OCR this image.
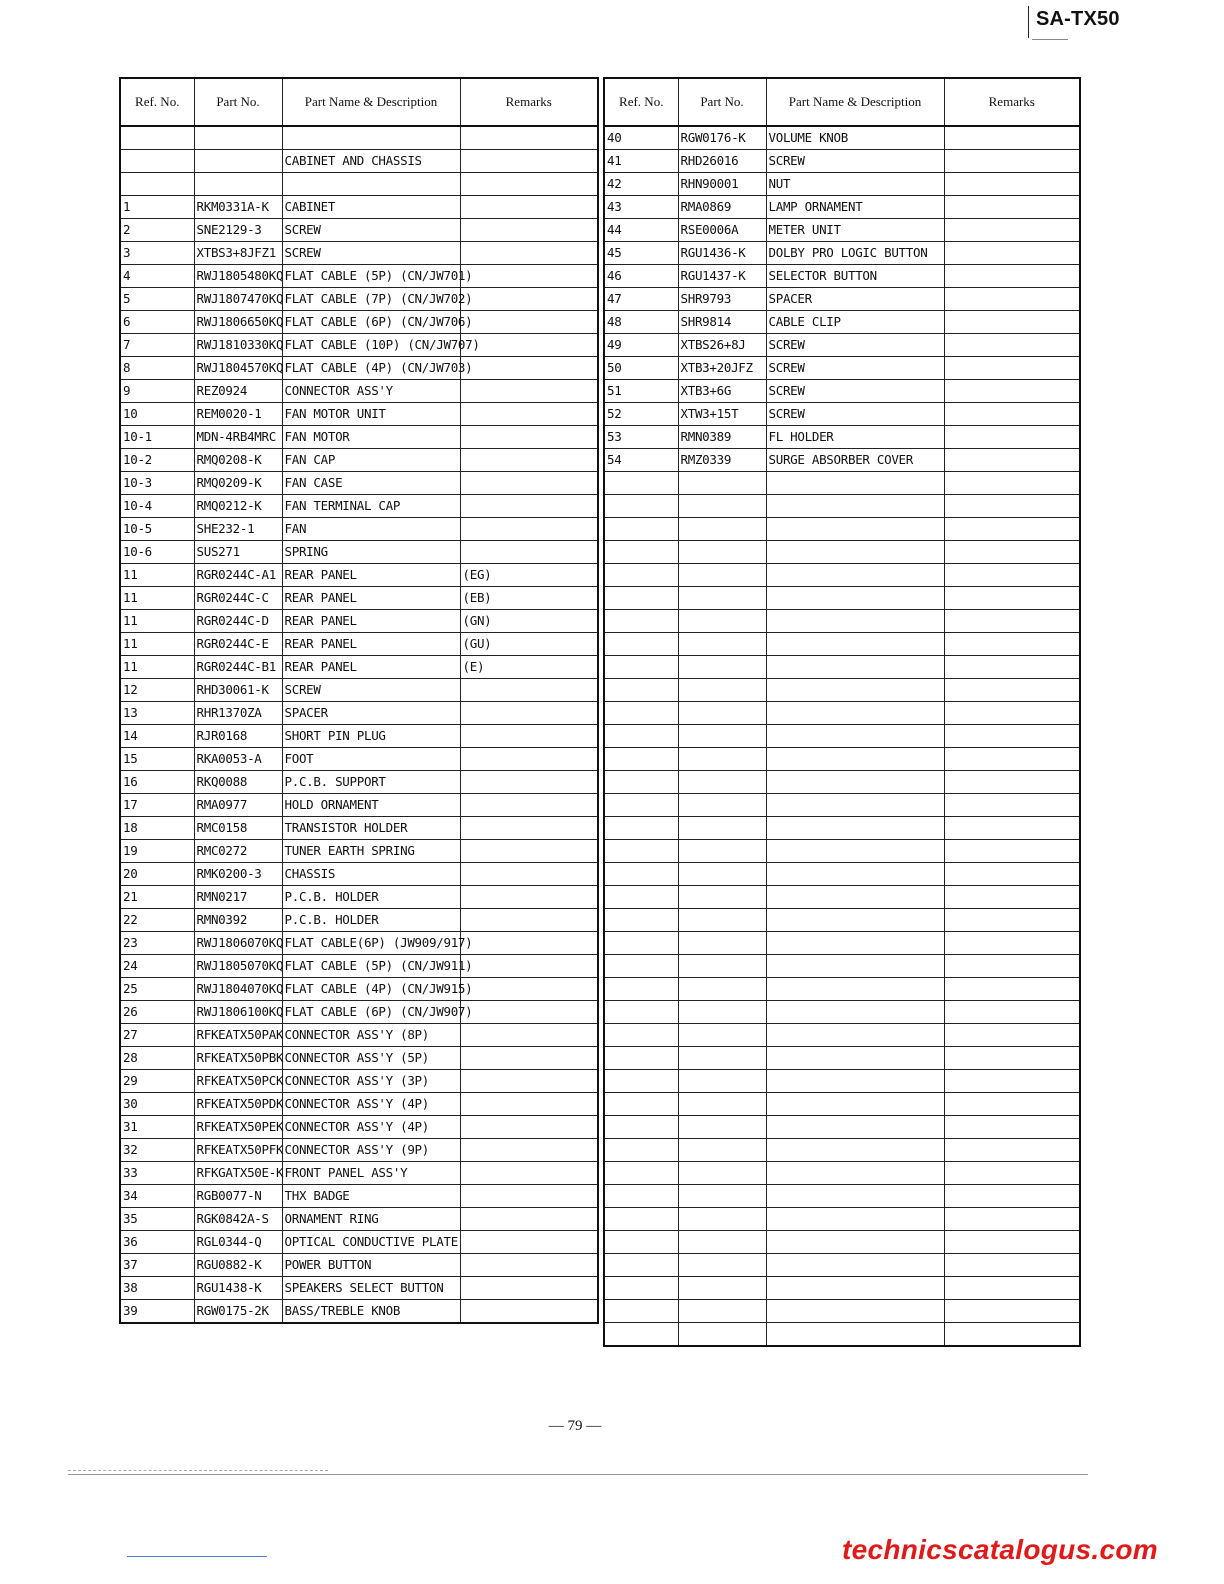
SA-TX50
Ref. No.	Part No.	Part Name & Description	Remarks

		CABINET AND CHASSIS	

1	RKM0331A-K	CABINET	
2	SNE2129-3	SCREW	
3	XTBS3+8JFZ1	SCREW	
4	RWJ1805480KQ	FLAT CABLE (5P) (CN/JW701)	
5	RWJ1807470KQ	FLAT CABLE (7P) (CN/JW702)	
6	RWJ1806650KQ	FLAT CABLE (6P) (CN/JW706)	
7	RWJ1810330KQ	FLAT CABLE (10P) (CN/JW707)	
8	RWJ1804570KQ	FLAT CABLE (4P) (CN/JW703)	
9	REZ0924	CONNECTOR ASS'Y	
10	REM0020-1	FAN MOTOR UNIT	
10-1	MDN-4RB4MRC	FAN MOTOR	
10-2	RMQ0208-K	FAN CAP	
10-3	RMQ0209-K	FAN CASE	
10-4	RMQ0212-K	FAN TERMINAL CAP	
10-5	SHE232-1	FAN	
10-6	SUS271	SPRING	
11	RGR0244C-A1	REAR PANEL	(EG)
11	RGR0244C-C	REAR PANEL	(EB)
11	RGR0244C-D	REAR PANEL	(GN)
11	RGR0244C-E	REAR PANEL	(GU)
11	RGR0244C-B1	REAR PANEL	(E)
12	RHD30061-K	SCREW	
13	RHR1370ZA	SPACER	
14	RJR0168	SHORT PIN PLUG	
15	RKA0053-A	FOOT	
16	RKQ0088	P.C.B. SUPPORT	
17	RMA0977	HOLD ORNAMENT	
18	RMC0158	TRANSISTOR HOLDER	
19	RMC0272	TUNER EARTH SPRING	
20	RMK0200-3	CHASSIS	
21	RMN0217	P.C.B. HOLDER	
22	RMN0392	P.C.B. HOLDER	
23	RWJ1806070KQ	FLAT CABLE(6P) (JW909/917)	
24	RWJ1805070KQ	FLAT CABLE (5P) (CN/JW911)	
25	RWJ1804070KQ	FLAT CABLE (4P) (CN/JW915)	
26	RWJ1806100KQ	FLAT CABLE (6P) (CN/JW907)	
27	RFKEATX50PAK	CONNECTOR ASS'Y (8P)	
28	RFKEATX50PBK	CONNECTOR ASS'Y (5P)	
29	RFKEATX50PCK	CONNECTOR ASS'Y (3P)	
30	RFKEATX50PDK	CONNECTOR ASS'Y (4P)	
31	RFKEATX50PEK	CONNECTOR ASS'Y (4P)	
32	RFKEATX50PFK	CONNECTOR ASS'Y (9P)	
33	RFKGATX50E-K	FRONT PANEL ASS'Y	
34	RGB0077-N	THX BADGE	
35	RGK0842A-S	ORNAMENT RING	
36	RGL0344-Q	OPTICAL CONDUCTIVE PLATE	
37	RGU0882-K	POWER BUTTON	
38	RGU1438-K	SPEAKERS SELECT BUTTON	
39	RGW0175-2K	BASS/TREBLE KNOB	
Ref. No.	Part No.	Part Name & Description	Remarks
40	RGW0176-K	VOLUME KNOB	
41	RHD26016	SCREW	
42	RHN90001	NUT	
43	RMA0869	LAMP ORNAMENT	
44	RSE0006A	METER UNIT	
45	RGU1436-K	DOLBY PRO LOGIC BUTTON	
46	RGU1437-K	SELECTOR BUTTON	
47	SHR9793	SPACER	
48	SHR9814	CABLE CLIP	
49	XTBS26+8J	SCREW	
50	XTB3+20JFZ	SCREW	
51	XTB3+6G	SCREW	
52	XTW3+15T	SCREW	
53	RMN0389	FL HOLDER	
54	RMZ0339	SURGE ABSORBER COVER	

— 79 —
technicscatalogus.com
